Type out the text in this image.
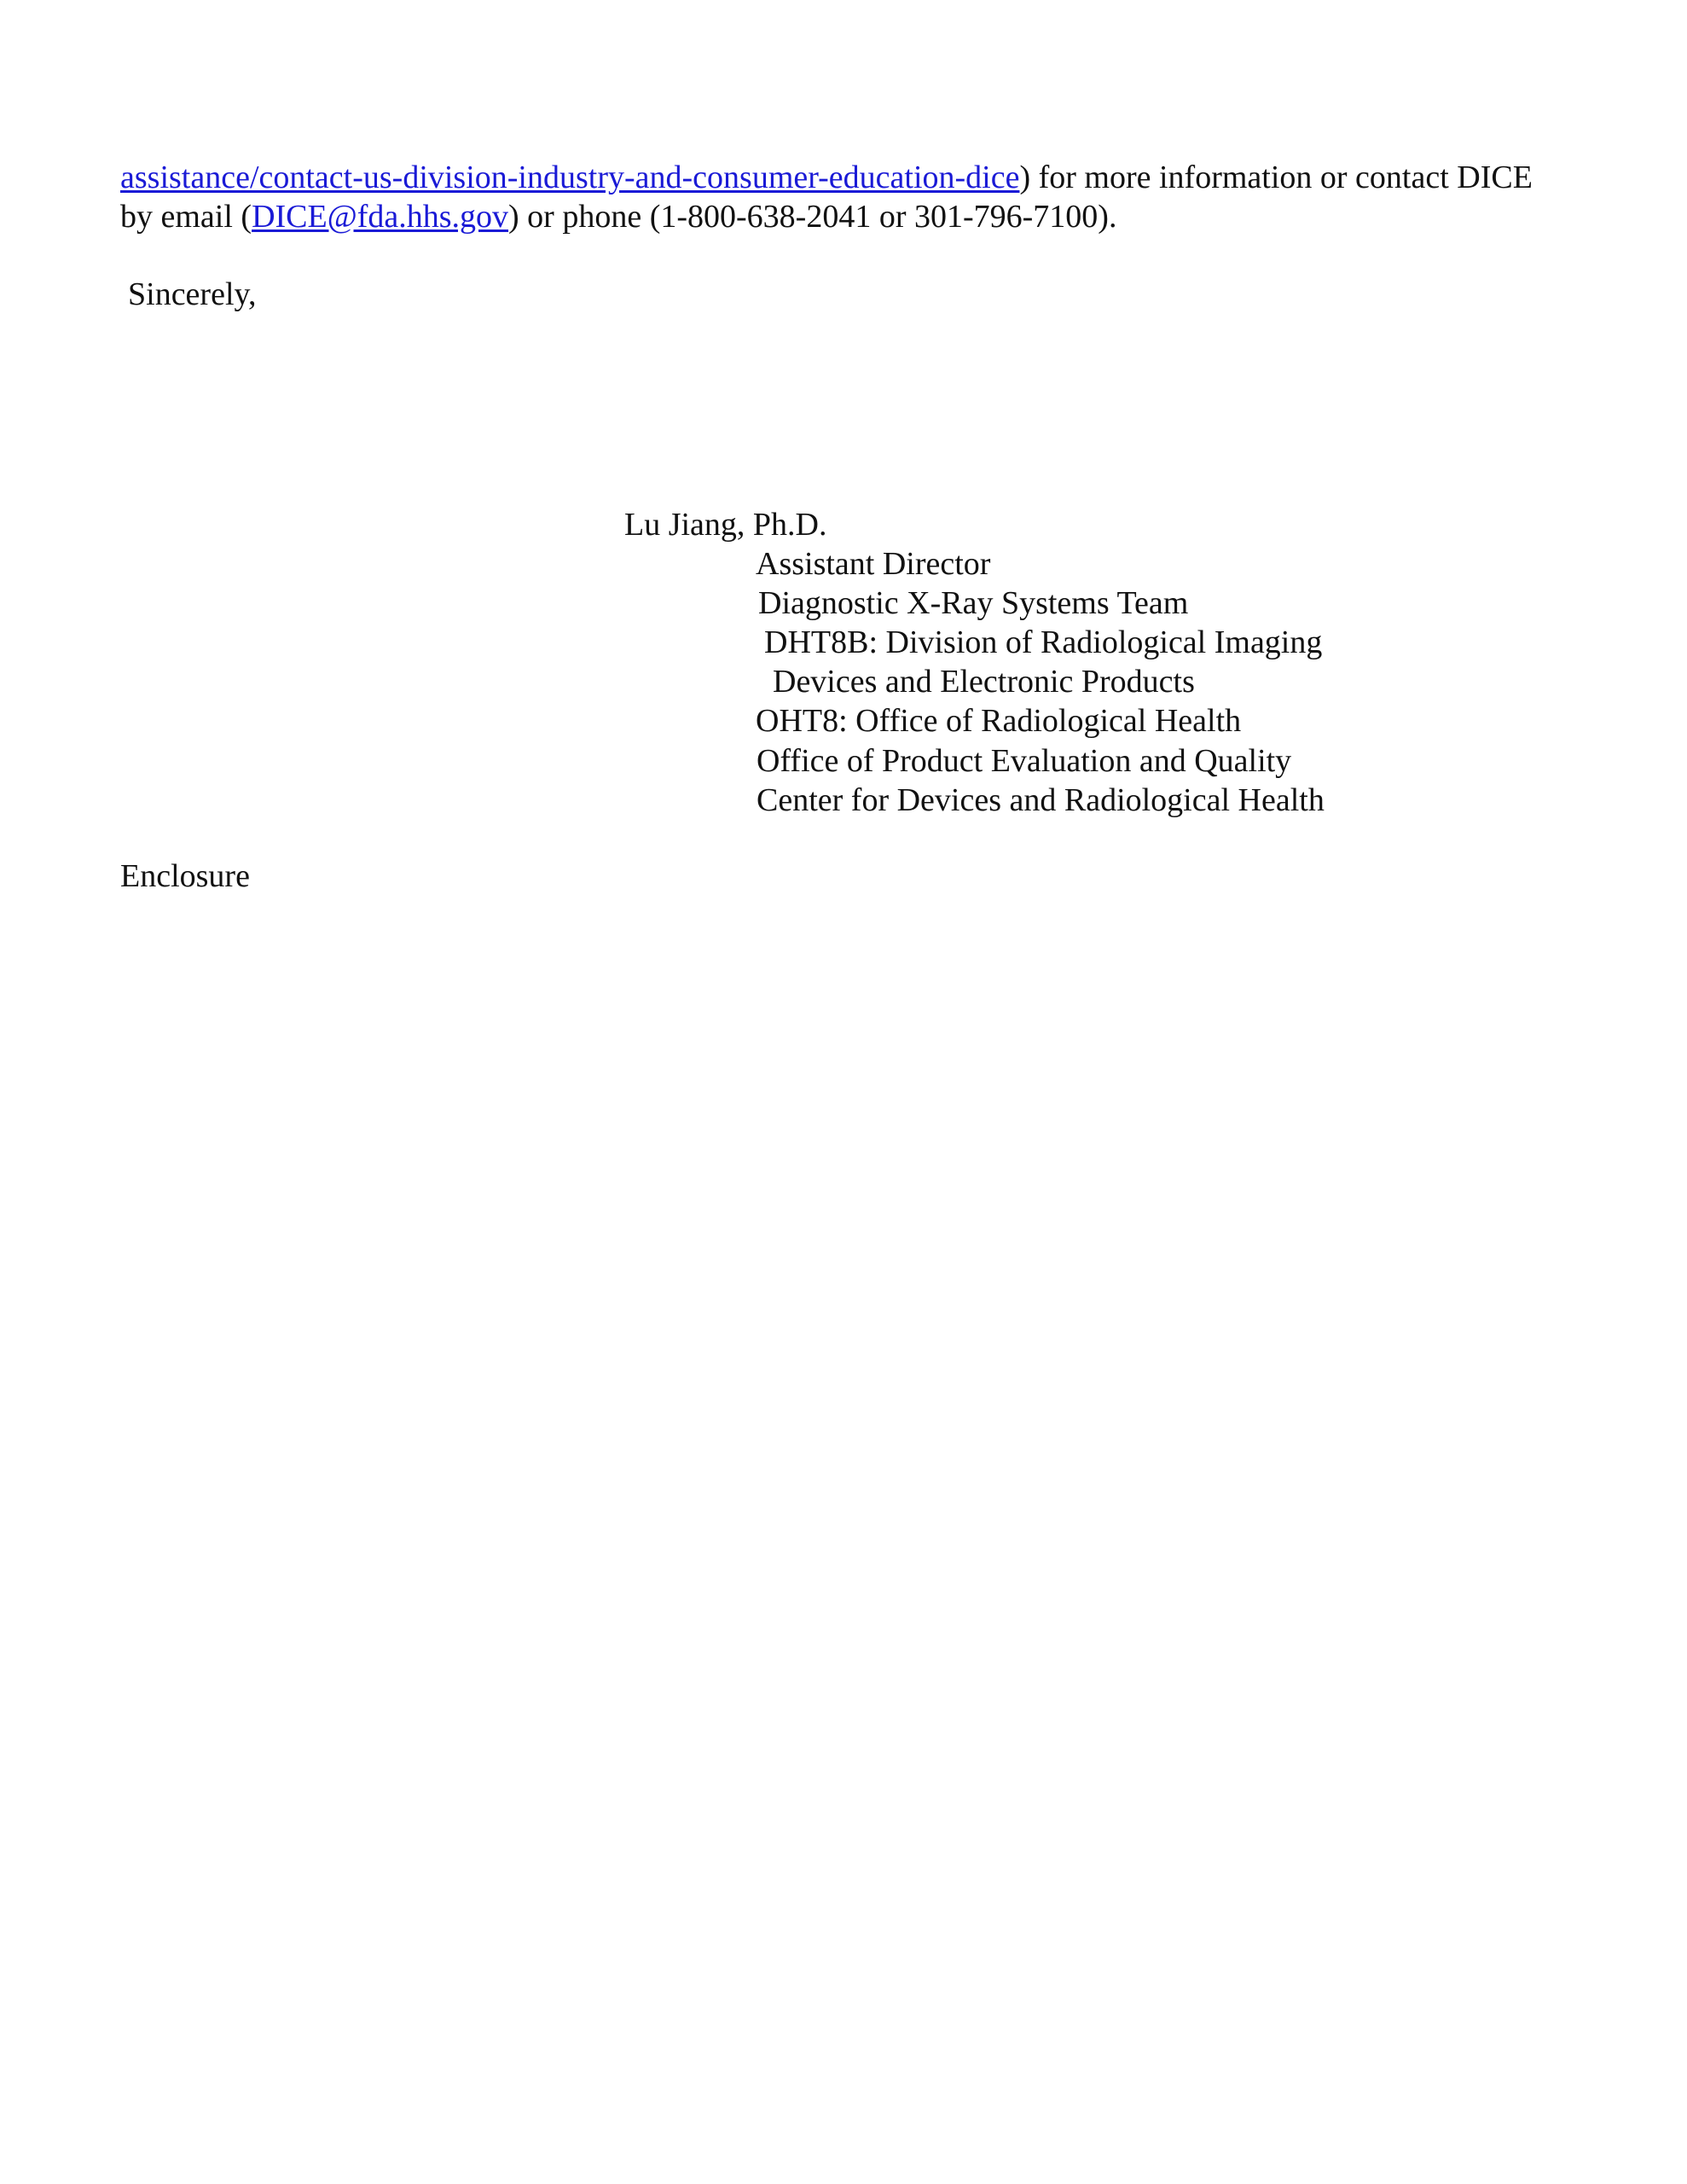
assistance/contact-us-division-industry-and-consumer-education-dice) for more information or contact DICE
by email (DICE@fda.hhs.gov) or phone (1-800-638-2041 or 301-796-7100).
Sincerely,
Lu Jiang, Ph.D.
Assistant Director
Diagnostic X-Ray Systems Team
DHT8B: Division of Radiological Imaging
Devices and Electronic Products
OHT8: Office of Radiological Health
Office of Product Evaluation and Quality
Center for Devices and Radiological Health
Enclosure
